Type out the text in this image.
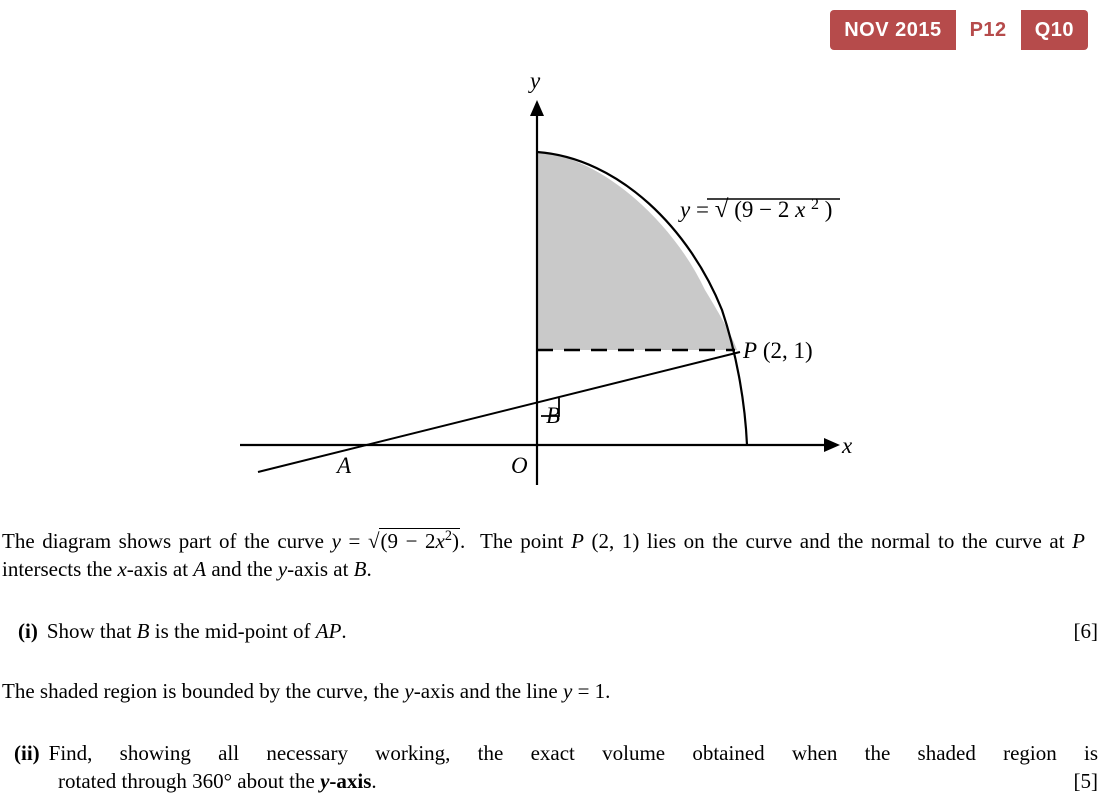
NOV 2015	P12	Q10
y
x
y = √ (9 − 2 x $^2$ )
P (2, 1)
B
A	O

The diagram shows part of the curve $y = √(9 - 2x^2)$.  The point P (2, 1) lies on the curve and the normal to the curve at P intersects the x-axis at A and the y-axis at B.

(i) Show that B is the mid-point of AP.	[6]

The shaded region is bounded by the curve, the y-axis and the line y = 1.

(ii) Find, showing all necessary working, the exact volume obtained when the shaded region is
rotated through 360° about the y-axis.	[5]
